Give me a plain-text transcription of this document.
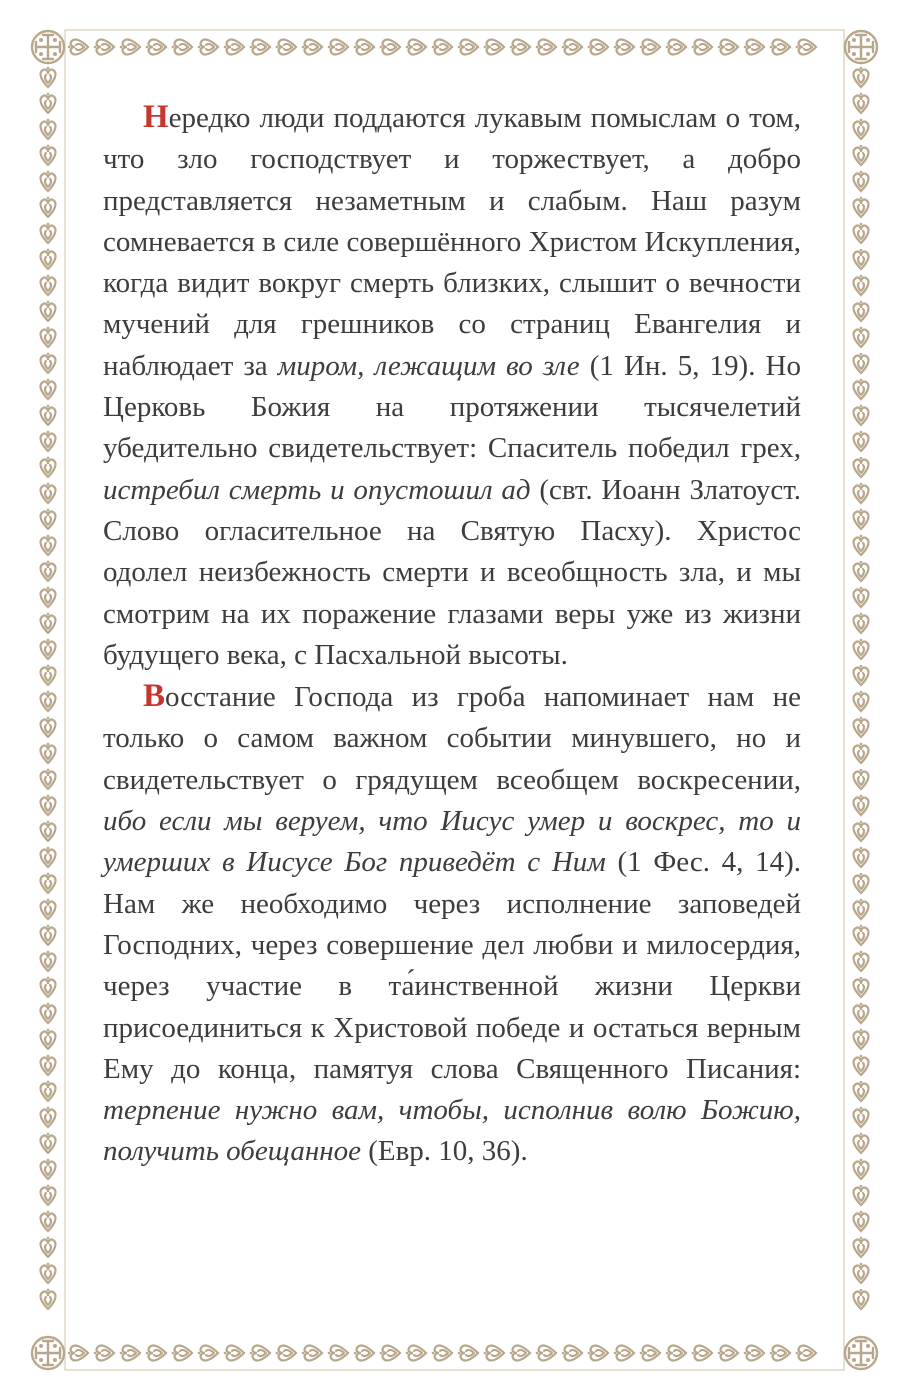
Нередко люди поддаются лукавым помыслам о том, что зло господствует и торжествует, а добро представляется незаметным и слабым. Наш разум сомневается в силе совершённого Христом Искупления, когда видит вокруг смерть близких, слышит о вечности мучений для грешников со страниц Евангелия и наблюдает за миром, лежащим во зле (1 Ин. 5, 19). Но Церковь Божия на протяжении тысячелетий убедительно свидетельствует: Спаситель победил грех, истребил смерть и опустошил ад (свт. Иоанн Златоуст. Слово огласительное на Святую Пасху). Христос одолел неизбежность смерти и всеобщность зла, и мы смотрим на их поражение глазами веры уже из жизни будущего века, с Пасхальной высоты.

Восстание Господа из гроба напоминает нам не только о самом важном событии минувшего, но и свидетельствует о грядущем всеобщем воскресении, ибо если мы веруем, что Иисус умер и воскрес, то и умерших в Иисусе Бог приведёт с Ним (1 Фес. 4, 14). Нам же необходимо через исполнение заповедей Господних, через совершение дел любви и милосердия, через участие в та́инственной жизни Церкви присоединиться к Христовой победе и остаться верным Ему до конца, памятуя слова Священного Писания: терпение нужно вам, чтобы, исполнив волю Божию, получить обещанное (Евр. 10, 36).
